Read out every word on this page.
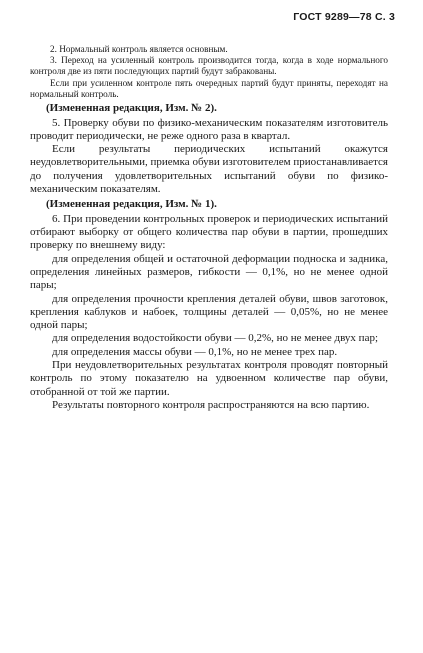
ГОСТ 9289—78 С. 3

2. Нормальный контроль является основным.

3. Переход на усиленный контроль производится тогда, когда в ходе нормального контроля две из пяти последующих партий будут забракованы.

Если при усиленном контроле пять очередных партий будут приняты, переходят на нормальный контроль.

(Измененная редакция, Изм. № 2).

5. Проверку обуви по физико-механическим показателям изготовитель проводит периодически, не реже одного раза в квартал.

Если результаты периодических испытаний окажутся неудовлетворительными, приемка обуви изготовителем приостанавливается до получения удовлетворительных испытаний обуви по физико-механическим показателям.

(Измененная редакция, Изм. № 1).

6. При проведении контрольных проверок и периодических испытаний отбирают выборку от общего количества пар обуви в партии, прошедших проверку по внешнему виду:

для определения общей и остаточной деформации подноска и задника, определения линейных размеров, гибкости — 0,1%, но не менее одной пары;

для определения прочности крепления деталей обуви, швов заготовок, крепления каблуков и набоек, толщины деталей — 0,05%, но не менее одной пары;

для определения водостойкости обуви — 0,2%, но не менее двух пар;

для определения массы обуви — 0,1%, но не менее трех пар.

При неудовлетворительных результатах контроля проводят повторный контроль по этому показателю на удвоенном количестве пар обуви, отобранной от той же партии.

Результаты повторного контроля распространяются на всю партию.
